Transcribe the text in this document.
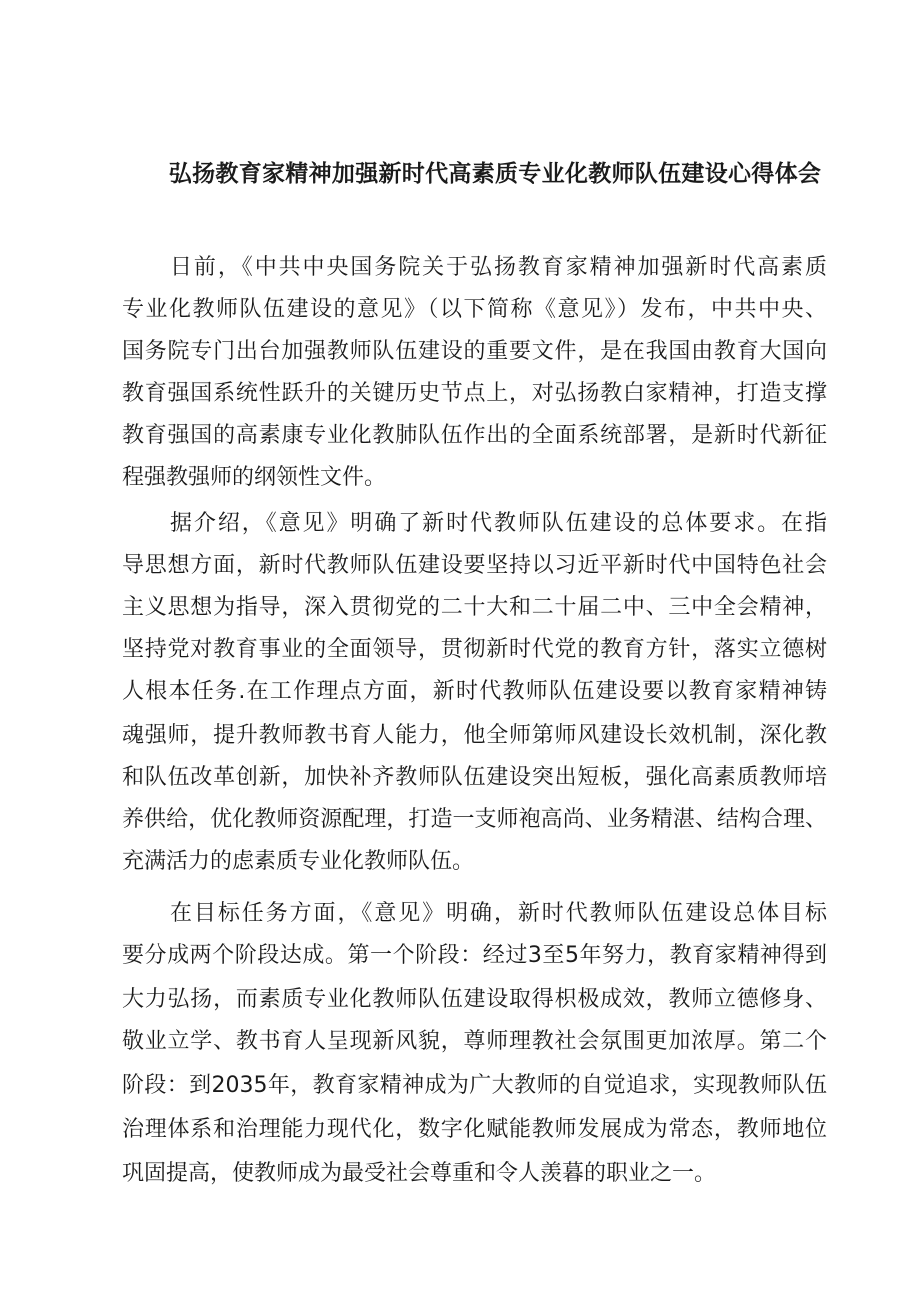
弘扬教育家精神加强新时代高素质专业化教师队伍建设心得体会
日前，《中共中央国务院关于弘扬教育家精神加强新时代高素质
专业化教师队伍建设的意见》（以下简称《意见》）发布，中共中央、
国务院专门出台加强教师队伍建设的重要文件，是在我国由教育大国向
教育强国系统性跃升的关键历史节点上，对弘扬教白家精神，打造支撑
教育强国的高素康专业化教肺队伍作出的全面系统部署，是新时代新征
程强教强师的纲领性文件。
据介绍，《意见》明确了新时代教师队伍建设的总体要求。在指
导思想方面，新时代教师队伍建设要坚持以习近平新时代中国特色社会
主义思想为指导，深入贯彻党的二十大和二十届二中、三中全会精神，
坚持党对教育事业的全面领导，贯彻新时代党的教育方针，落实立德树
人根本任务.在工作理点方面，新时代教师队伍建设要以教育家精神铸
魂强师，提升教师教书育人能力，他全师第师风建设长效机制，深化教
和队伍改革创新，加快补齐教师队伍建设突出短板，强化高素质教师培
养供给，优化教师资源配理，打造一支师袍高尚、业务精湛、结构合理、
充满活力的虑素质专业化教师队伍。
在目标任务方面，《意见》明确，新时代教师队伍建设总体目标
要分成两个阶段达成。第一个阶段：经过3至5年努力，教育家精神得到
大力弘扬，而素质专业化教师队伍建设取得枳极成效，教师立德修身、
敬业立学、教书育人呈现新风貌，尊师理教社会氛围更加浓厚。第二个
阶段：到2035年，教育家精神成为广大教师的自觉追求，实现教师队伍
治理体系和治理能力现代化，数字化赋能教师发展成为常态，教师地位
巩固提高，使教师成为最受社会尊重和令人羡暮的职业之一。
